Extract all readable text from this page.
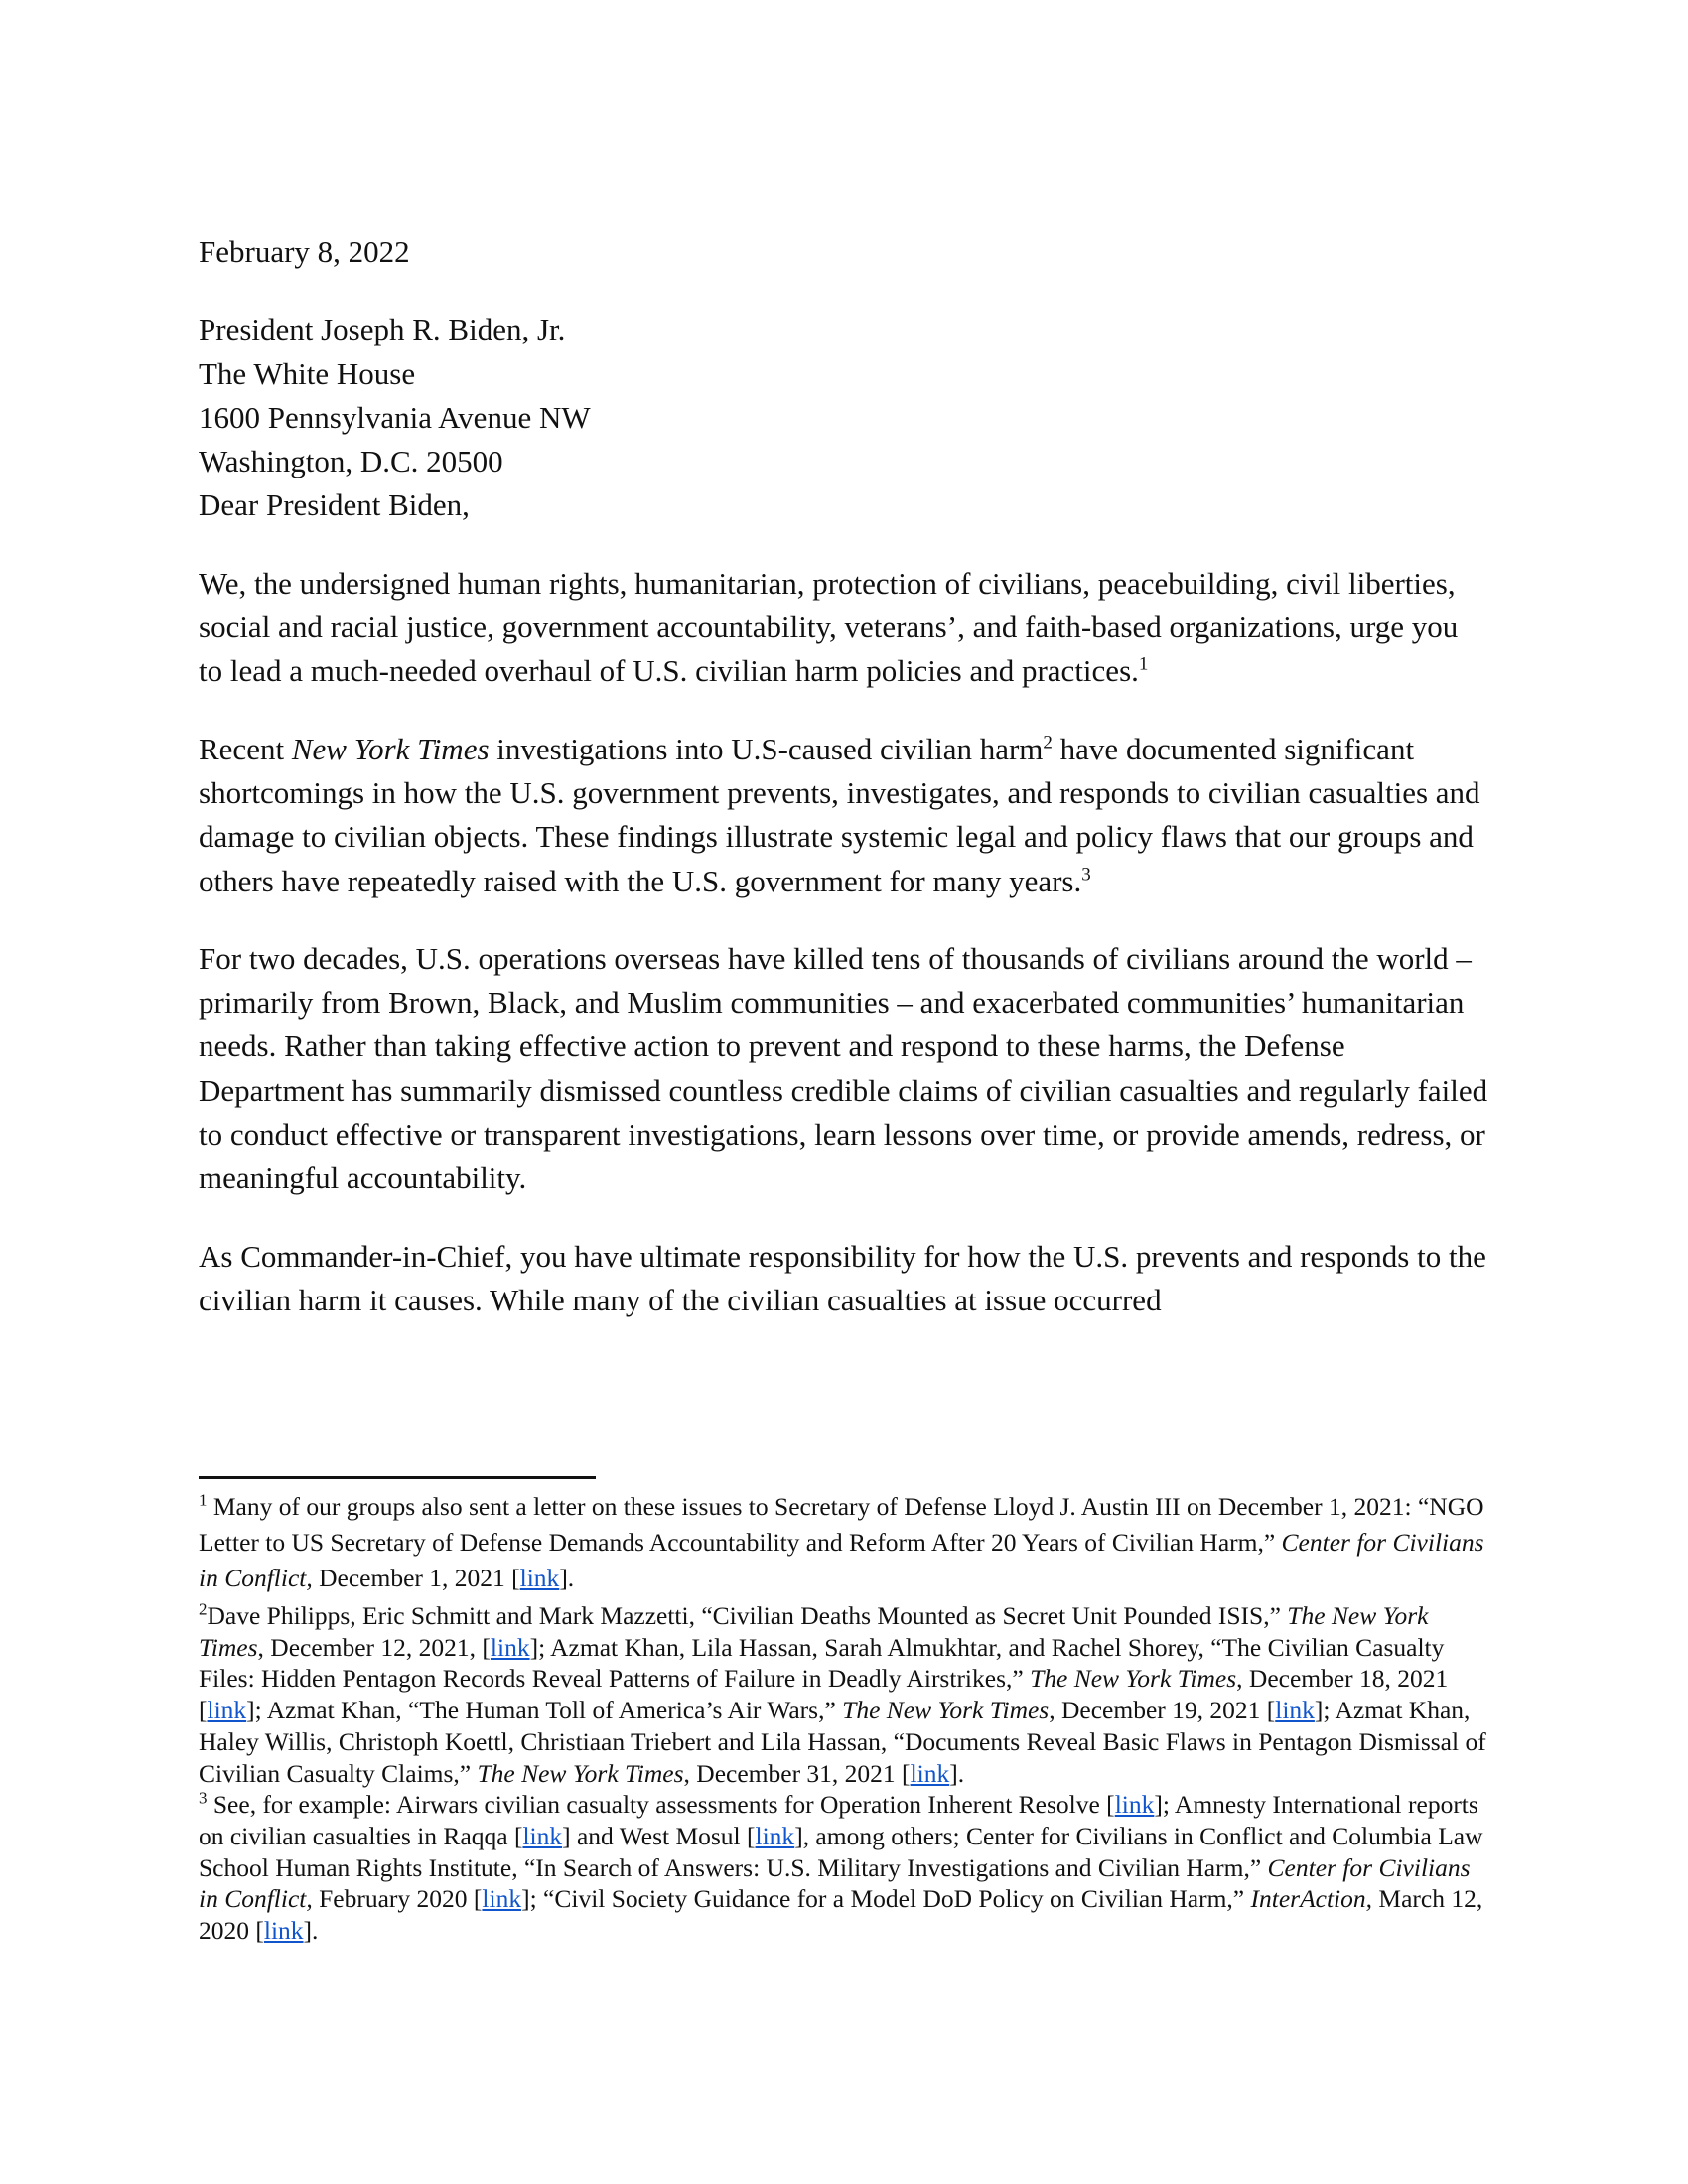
February 8, 2022

President Joseph R. Biden, Jr.
The White House
1600 Pennsylvania Avenue NW
Washington, D.C. 20500

Dear President Biden,

We, the undersigned human rights, humanitarian, protection of civilians, peacebuilding, civil liberties, social and racial justice, government accountability, veterans’, and faith-based organizations, urge you to lead a much-needed overhaul of U.S. civilian harm policies and practices.$^1$

Recent New York Times investigations into U.S-caused civilian harm$^2$ have documented significant shortcomings in how the U.S. government prevents, investigates, and responds to civilian casualties and damage to civilian objects. These findings illustrate systemic legal and policy flaws that our groups and others have repeatedly raised with the U.S. government for many years.$^3$

For two decades, U.S. operations overseas have killed tens of thousands of civilians around the world – primarily from Brown, Black, and Muslim communities – and exacerbated communities’ humanitarian needs. Rather than taking effective action to prevent and respond to these harms, the Defense Department has summarily dismissed countless credible claims of civilian casualties and regularly failed to conduct effective or transparent investigations, learn lessons over time, or provide amends, redress, or meaningful accountability.

As Commander-in-Chief, you have ultimate responsibility for how the U.S. prevents and responds to the civilian harm it causes. While many of the civilian casualties at issue occurred

$^1$ Many of our groups also sent a letter on these issues to Secretary of Defense Lloyd J. Austin III on December 1, 2021: “NGO Letter to US Secretary of Defense Demands Accountability and Reform After 20 Years of Civilian Harm,” Center for Civilians in Conflict, December 1, 2021 [link].

$^2$Dave Philipps, Eric Schmitt and Mark Mazzetti, “Civilian Deaths Mounted as Secret Unit Pounded ISIS,” The New York Times, December 12, 2021, [link]; Azmat Khan, Lila Hassan, Sarah Almukhtar, and Rachel Shorey, “The Civilian Casualty Files: Hidden Pentagon Records Reveal Patterns of Failure in Deadly Airstrikes,” The New York Times, December 18, 2021 [link]; Azmat Khan, “The Human Toll of America’s Air Wars,” The New York Times, December 19, 2021 [link]; Azmat Khan, Haley Willis, Christoph Koettl, Christiaan Triebert and Lila Hassan, “Documents Reveal Basic Flaws in Pentagon Dismissal of Civilian Casualty Claims,” The New York Times, December 31, 2021 [link].

$^3$ See, for example: Airwars civilian casualty assessments for Operation Inherent Resolve [link]; Amnesty International reports on civilian casualties in Raqqa [link] and West Mosul [link], among others; Center for Civilians in Conflict and Columbia Law School Human Rights Institute, “In Search of Answers: U.S. Military Investigations and Civilian Harm,” Center for Civilians in Conflict, February 2020 [link]; “Civil Society Guidance for a Model DoD Policy on Civilian Harm,” InterAction, March 12, 2020 [link].
